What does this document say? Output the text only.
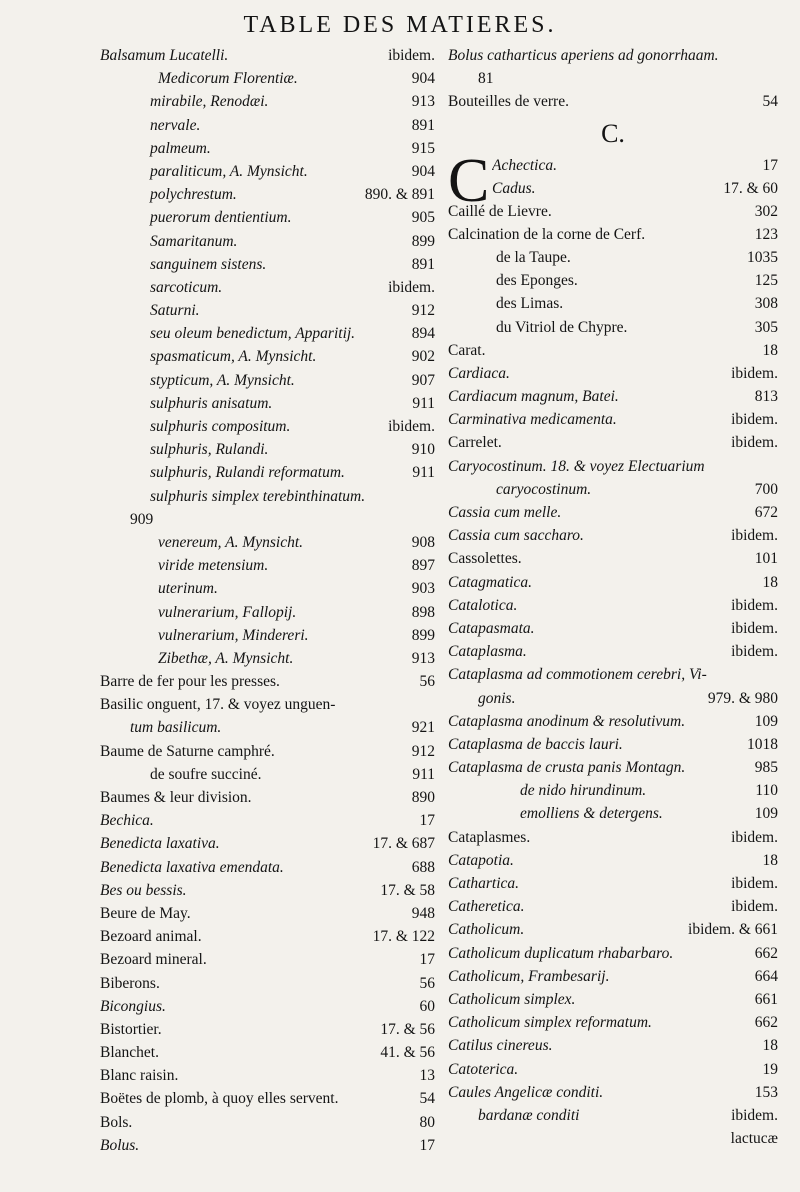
TABLE DES MATIERES.
Balsamum Lucatelli.	ibidem.
Medicorum Florentiæ.	904
mirabile, Renodæi.	913
nervale.	891
palmeum.	915
paraliticum, A. Mynsicht.	904
polychrestum.	890. & 891
puerorum dentientium.	905
Samaritanum.	899
sanguinem sistens.	891
sarcoticum.	ibidem.
Saturni.	912
seu oleum benedictum, Apparitij.	894
spasmaticum, A. Mynsicht.	902
stypticum, A. Mynsicht.	907
sulphuris anisatum.	911
sulphuris compositum.	ibidem.
sulphuris, Rulandi.	910
sulphuris, Rulandi reformatum.	911
sulphuris simplex terebinthinatum.
909
venereum, A. Mynsicht.	908
viride metensium.	897
uterinum.	903
vulnerarium, Fallopij.	898
vulnerarium, Mindereri.	899
Zibethæ, A. Mynsicht.	913
Barre de fer pour les presses.	56
Basilic onguent, 17. & voyez unguen-
tum basilicum.	921
Baume de Saturne camphré.	912
de soufre succiné.	911
Baumes & leur division.	890
Bechica.	17
Benedicta laxativa.	17. & 687
Benedicta laxativa emendata.	688
Bes ou bessis.	17. & 58
Beure de May.	948
Bezoard animal.	17. & 122
Bezoard mineral.	17
Biberons.	56
Bicongius.	60
Bistortier.	17. & 56
Blanchet.	41. & 56
Blanc raisin.	13
Boëtes de plomb, à quoy elles servent.	54
Bols.	80
Bolus.	17
Bolus catharticus aperiens ad gonorrhaam.
81
Bouteilles de verre.	54
C.
C Achectica.	17
Cadus.	17. & 60
Caillé de Lievre.	302
Calcination de la corne de Cerf.	123
de la Taupe.	1035
des Eponges.	125
des Limas.	308
du Vitriol de Chypre.	305
Carat.	18
Cardiaca.	ibidem.
Cardiacum magnum, Batei.	813
Carminativa medicamenta.	ibidem.
Carrelet.	ibidem.
Caryocostinum. 18. & voyez Electuarium
caryocostinum.	700
Cassia cum melle.	672
Cassia cum saccharo.	ibidem.
Cassolettes.	101
Catagmatica.	18
Catalotica.	ibidem.
Catapasmata.	ibidem.
Cataplasma.	ibidem.
Cataplasma ad commotionem cerebri, Vi-
gonis.	979. & 980
Cataplasma anodinum & resolutivum.	109
Cataplasma de baccis lauri.	1018
Cataplasma de crusta panis Montagn.	985
de nido hirundinum.	110
emolliens & detergens.	109
Cataplasmes.	ibidem.
Catapotia.	18
Cathartica.	ibidem.
Catheretica.	ibidem.
Catholicum.	ibidem. & 661
Catholicum duplicatum rhabarbaro.	662
Catholicum, Frambesarij.	664
Catholicum simplex.	661
Catholicum simplex reformatum.	662
Catilus cinereus.	18
Catoterica.	19
Caules Angelicæ conditi.	153
bardanæ conditi	ibidem.
lactucæ
